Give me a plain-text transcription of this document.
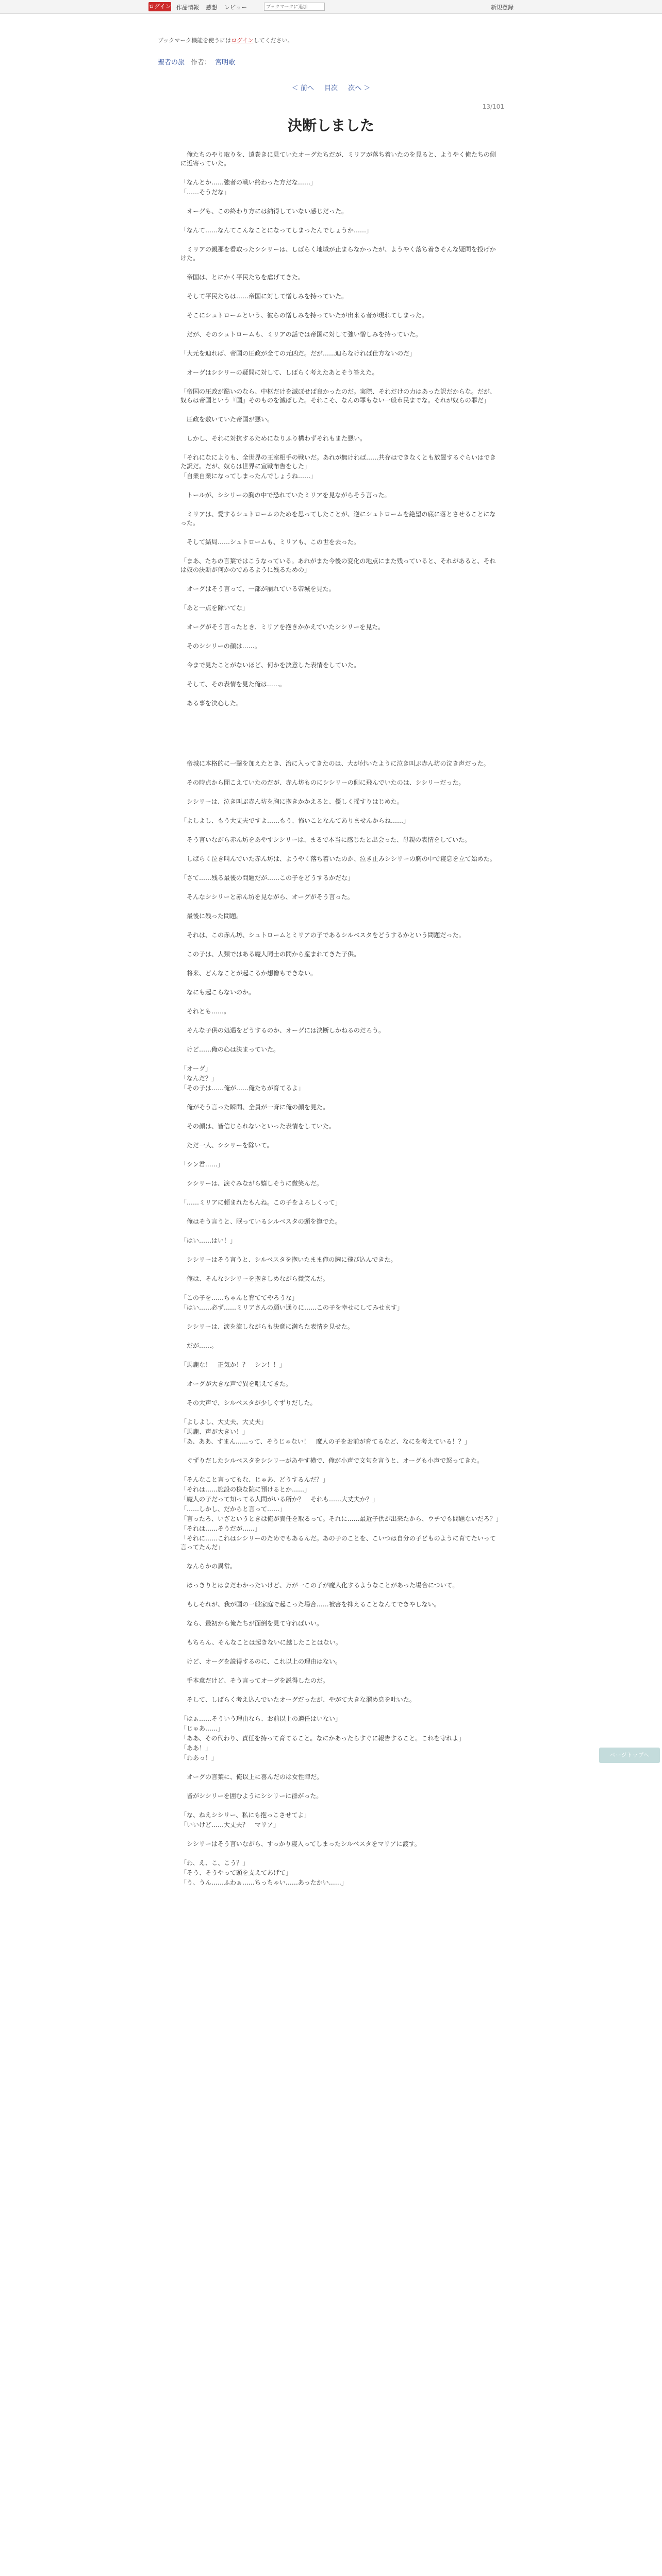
ログイン 作品情報 感想 レビュー
ブックマークに追加	新規登録
ブックマーク機能を使うにはログインしてください。
聖者の旅 作者： 宮明歌
＜ 前へ 目次 次へ ＞
13/101
決断しました

　俺たちのやり取りを、遠巻きに見ていたオーグたちだが、ミリアが落ち着いたのを見ると、ようやく俺たちの側に近寄っていた。

「なんとか……強者の戦い終わった方だな……」

「……そうだな」

　オーグも、この終わり方には納得していない感じだった。

「なんて……なんてこんなことになってしまったんでしょうか……」

　ミリアの親那を看取ったシシリーは、しばらく地域が止まらなかったが、ようやく落ち着きそんな疑問を投げかけた。

　帝国は、とにかく平民たちを虐げてきた。

　そして平民たちは……帝国に対して憎しみを持っていた。

　そこにシュトロームという、彼らの憎しみを持っていたが出来る者が現れてしまった。

　だが、そのシュトロームも、ミリアの話では帝国に対して強い憎しみを持っていた。

「大元を辿れば、帝国の圧政が全ての元凶だ。だが……辿らなければ仕方ないのだ」

　オーグはシシリーの疑問に対して、しばらく考えたあとそう答えた。

「帝国の圧政が酷いのなら、中枢だけを滅ぼせば良かったのだ。実際、それだけの力はあった訳だからな。だが、奴らは帝国という『国』そのものを滅ぼした。それこそ、なんの罪もない一般市民までな。それが奴らの罪だ」

　圧政を敷いていた帝国が悪い。

　しかし、それに対抗するためになりふり構わずそれもまた悪い。

「それになによりも、全世界の王室相手の戦いだ。あれが無ければ……共存はできなくとも放置するぐらいはできた訳だ。だが、奴らは世界に宣戦布告をした」

「自業自業になってしまったんでしょうね……」

　トールが、シシリーの胸の中で恐れていたミリアを見ながらそう言った。

　ミリアは、愛するシュトロームのためを思ってしたことが、逆にシュトロームを絶望の底に落とさせることになった。

　そして結局……シュトロームも、ミリアも、この世を去った。

「まあ、たちの言葉ではこうなっている。あれがまた今後の変化の地点にまた残っていると、それがあると、それは奴の決断が何かのであるように残るための」

　オーグはそう言って、一部が崩れている帝城を見た。

「あと一点を除いてな」

　オーグがそう言ったとき、ミリアを抱きかかえていたシシリーを見た。

　そのシシリーの顔は……。

　今まで見たことがないほど、何かを決意した表情をしていた。

　そして、その表情を見た俺は……。

　ある事を決心した。

　帝城に本格的に一撃を加えたとき、治に入ってきたのは、大が付いたように泣き叫ぶ赤ん坊の泣き声だった。

　その時点から聞こえていたのだが、赤ん坊ものにシシリーの側に飛んでいたのは、シシリーだった。

　シシリーは、泣き叫ぶ赤ん坊を胸に抱きかかえると、優しく揺すりはじめた。

「よしよし、もう大丈夫ですよ……もう、怖いことなんてありませんからね……」

　そう言いながら赤ん坊をあやすシシリーは、まるで本当に感じたと出会った、母親の表情をしていた。

　しばらく泣き叫んでいた赤ん坊は、ようやく落ち着いたのか、泣き止みシシリーの胸の中で寝息を立て始めた。

「さて……残る最後の問題だが……この子をどうするかだな」

　そんなシシリーと赤ん坊を見ながら、オーグがそう言った。

　最後に残った問題。

　それは、この赤ん坊、シュトロームとミリアの子であるシルベスタをどうするかという問題だった。

　この子は、人類ではある魔人同士の間から産まれてきた子供。

　将来、どんなことが起こるか想像もできない。

　なにも起こらないのか。

　それとも……。

　そんな子供の処遇をどうするのか、オーグには決断しかねるのだろう。

　けど……俺の心は決まっていた。

「オーグ」

「なんだ？」

「その子は……俺が……俺たちが育てるよ」

　俺がそう言った瞬間、全員が一斉に俺の顔を見た。

　その顔は、皆信じられないといった表情をしていた。

　ただ一人、シシリーを除いて。

「シン君……」

　シシリーは、涙ぐみながら嬉しそうに微笑んだ。

「……ミリアに頼まれたもんね。この子をよろしくって」

　俺はそう言うと、眠っているシルベスタの頭を撫でた。

「はい……はい！」

　シシリーはそう言うと、シルベスタを抱いたまま俺の胸に飛び込んできた。

　俺は、そんなシシリーを抱きしめながら微笑んだ。

「この子を……ちゃんと育ててやろうな」

「はい……必ず……ミリアさんの願い通りに……この子を幸せにしてみせます」

　シシリーは、涙を流しながらも決意に満ちた表情を見せた。

　だが……。

「馬鹿な！　正気か！？　シン！！」

　オーグが大きな声で異を唱えてきた。

　その大声で、シルベスタが少しぐずりだした。

「よしよし、大丈夫、大丈夫」

「馬鹿、声が大きい！」

「あ、ああ、すまん……って、そうじゃない！　魔人の子をお前が育てるなど、なにを考えている！？」

　ぐずりだしたシルベスタをシシリーがあやす横で、俺が小声で文句を言うと、オーグも小声で怒ってきた。

「そんなこと言ってもな、じゃあ、どうするんだ？」

「それは……施設の様な院に預けるとか……」

「魔人の子だって知ってる人間がいる所か？　それも……大丈夫か？」

「……しかし、だからと言って……」

「言ったろ、いざというときは俺が責任を取るって。それに……最近子供が出来たから、ウチでも問題ないだろ？」

「それは……そうだが……」

「それに……これはシシリーのためでもあるんだ。あの子のことを、こいつは自分の子どものように育てたいって言ってたんだ」

　なんらかの異常。

　ほっきりとはまだわかったいけど、万が一この子が魔人化するようなことがあった場合について。

　もしそれが、我が国の一般家庭で起こった場合……被害を抑えることなんてできやしない。

　なら、最初から俺たちが面倒を見て守ればいい。

　もちろん、そんなことは起きないに越したことはない。

　けど、オーグを説得するのに、これ以上の理由はない。

　手本意だけど、そう言ってオーグを説得したのだ。

　そして、しばらく考え込んでいたオーグだったが、やがて大きな溜め息を吐いた。

「はぁ……そういう理由なら、お前以上の適任はいない」

「じゃあ……」

「ああ、その代わり、責任を持って育てること。なにかあったらすぐに報告すること。これを守れよ」

「ああ！」

「わあっ！」

　オーグの言葉に、俺以上に喜んだのは女性陣だ。

　皆がシシリーを囲むようにシシリーに群がった。

「な、ねえシシリー、私にも抱っこさせてよ」

「いいけど……大丈夫？　マリア」

　シシリーはそう言いながら、すっかり寝入ってしまったシルベスタをマリアに渡す。

「わ、え、こ、こう？」

「そう、そうやって頭を支えてあげて」

「う、うん……ふわぁ……ちっちゃい……あったかい……」

ページトップへ
